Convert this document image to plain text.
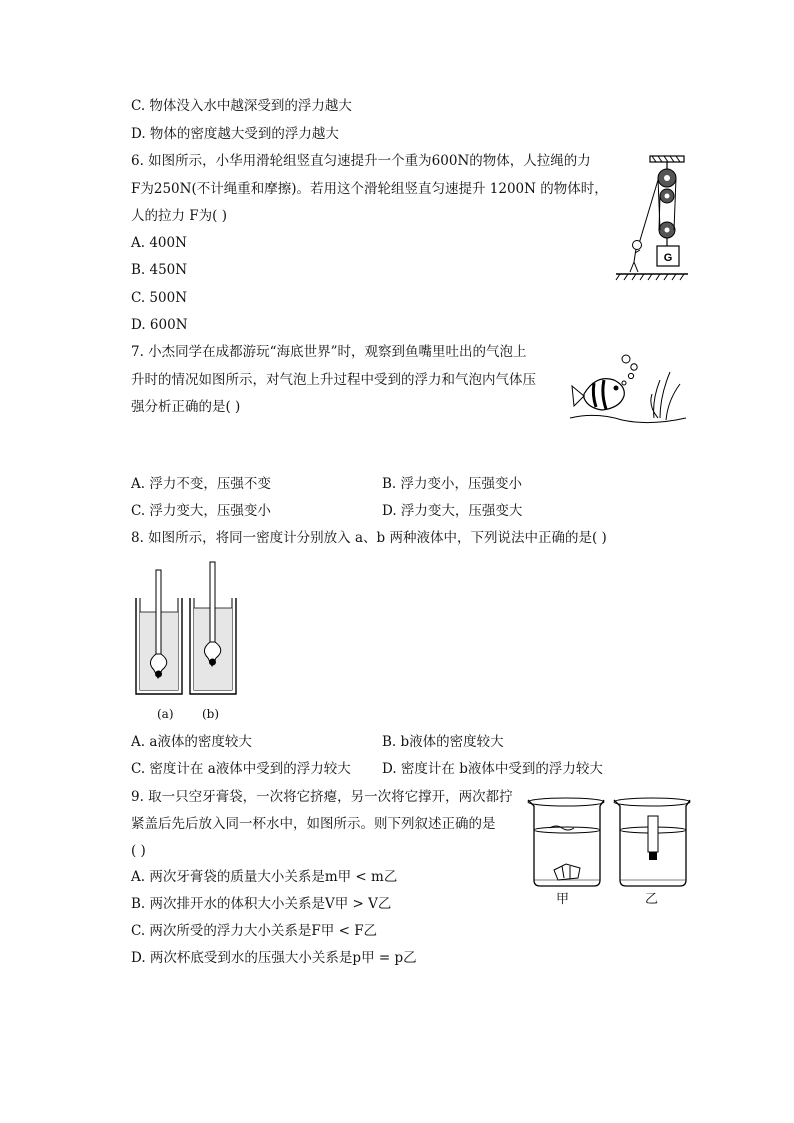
C. 物体没入水中越深受到的浮力越大
D. 物体的密度越大受到的浮力越大
6. 如图所示，小华用滑轮组竖直匀速提升一个重为600N的物体，人拉绳的力
F为250N(不计绳重和摩擦)。若用这个滑轮组竖直匀速提升 1200N 的物体时，
人的拉力 F为( )
A. 400N
B. 450N
C. 500N
D. 600N
G
7. 小杰同学在成都游玩“海底世界”时，观察到鱼嘴里吐出的气泡上
升时的情况如图所示，对气泡上升过程中受到的浮力和气泡内气体压
强分析正确的是( )
A. 浮力不变，压强不变	B. 浮力变小，压强变小
C. 浮力变大，压强变小	D. 浮力变大，压强变大
8. 如图所示，将同一密度计分别放入 a、b 两种液体中，下列说法中正确的是( )
(a) (b)
A. a液体的密度较大	B. b液体的密度较大
C. 密度计在 a液体中受到的浮力较大 D. 密度计在 b液体中受到的浮力较大
9. 取一只空牙膏袋，一次将它挤瘪，另一次将它撑开，两次都拧
紧盖后先后放入同一杯水中，如图所示。则下列叙述正确的是
( )
A. 两次牙膏袋的质量大小关系是m甲 < m乙
B. 两次排开水的体积大小关系是V甲 > V乙
C. 两次所受的浮力大小关系是F甲 < F乙
D. 两次杯底受到水的压强大小关系是p甲 = p乙
甲	乙
